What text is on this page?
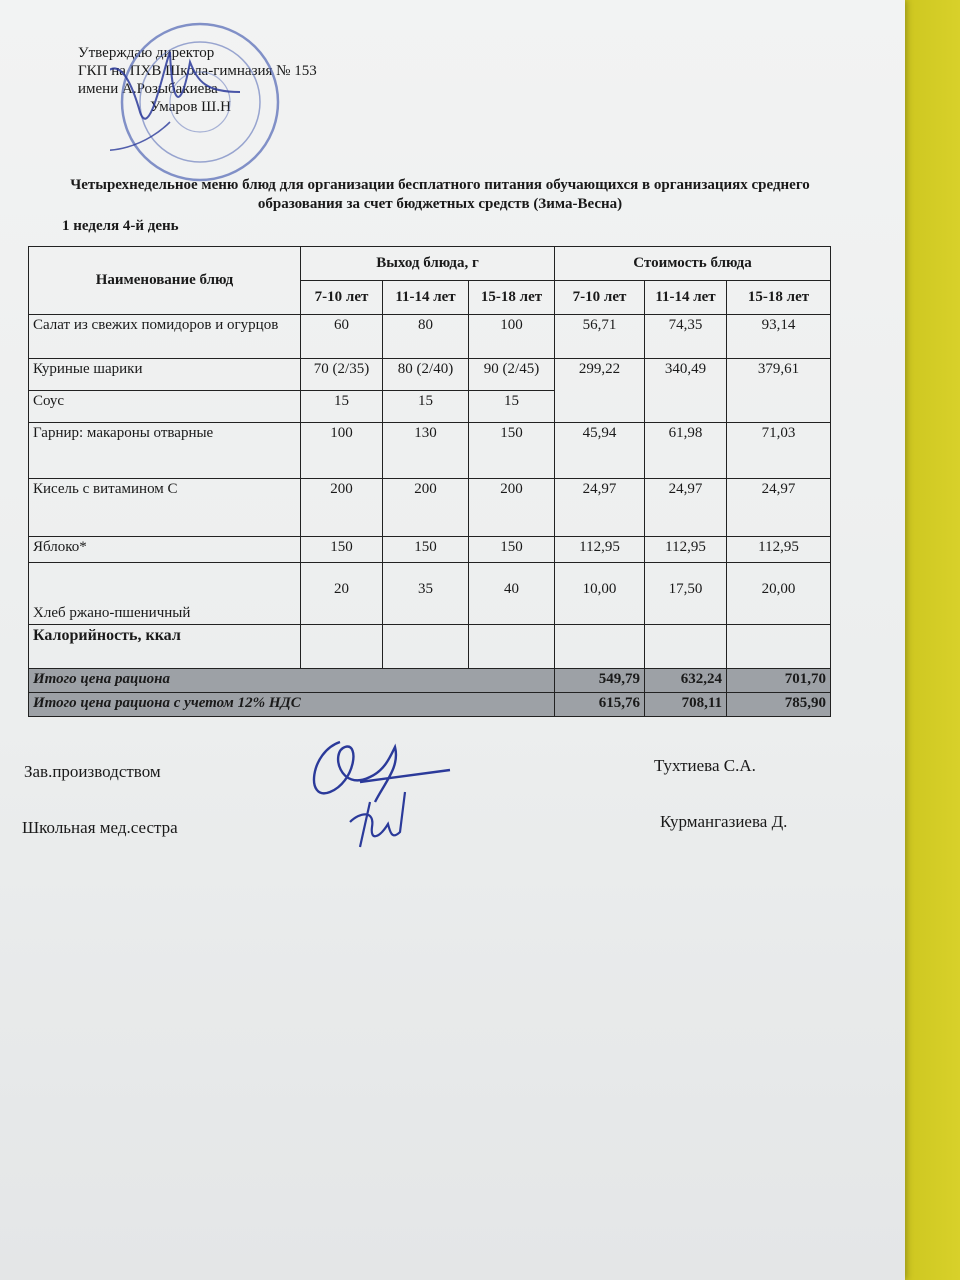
Утверждаю директор
ГКП на ПХВ Школа-гимназия № 153
имени А.Розыбакиева
Умаров Ш.Н
Четырехнедельное меню блюд для организации бесплатного питания обучающихся в организациях среднего образования за счет бюджетных средств (Зима-Весна)
1 неделя 4-й день
Наименование блюд	Выход блюда, г			Стоимость блюда		
	7-10 лет	11-14 лет	15-18 лет	7-10 лет	11-14 лет	15-18 лет
Салат из свежих помидоров и огурцов	60	80	100	56,71	74,35	93,14
Куриные шарики	70 (2/35)	80 (2/40)	90 (2/45)	299,22	340,49	379,61
Соус	15	15	15			
Гарнир: макароны отварные	100	130	150	45,94	61,98	71,03
Кисель с витамином С	200	200	200	24,97	24,97	24,97
Яблоко*	150	150	150	112,95	112,95	112,95
Хлеб ржано-пшеничный	20	35	40	10,00	17,50	20,00
Калорийность, ккал						
Итого цена рациона				549,79	632,24	701,70
Итого цена рациона с учетом 12% НДС				615,76	708,11	785,90
Зав.производством	Тухтиева С.А.
Школьная мед.сестра	Курмангазиева Д.
